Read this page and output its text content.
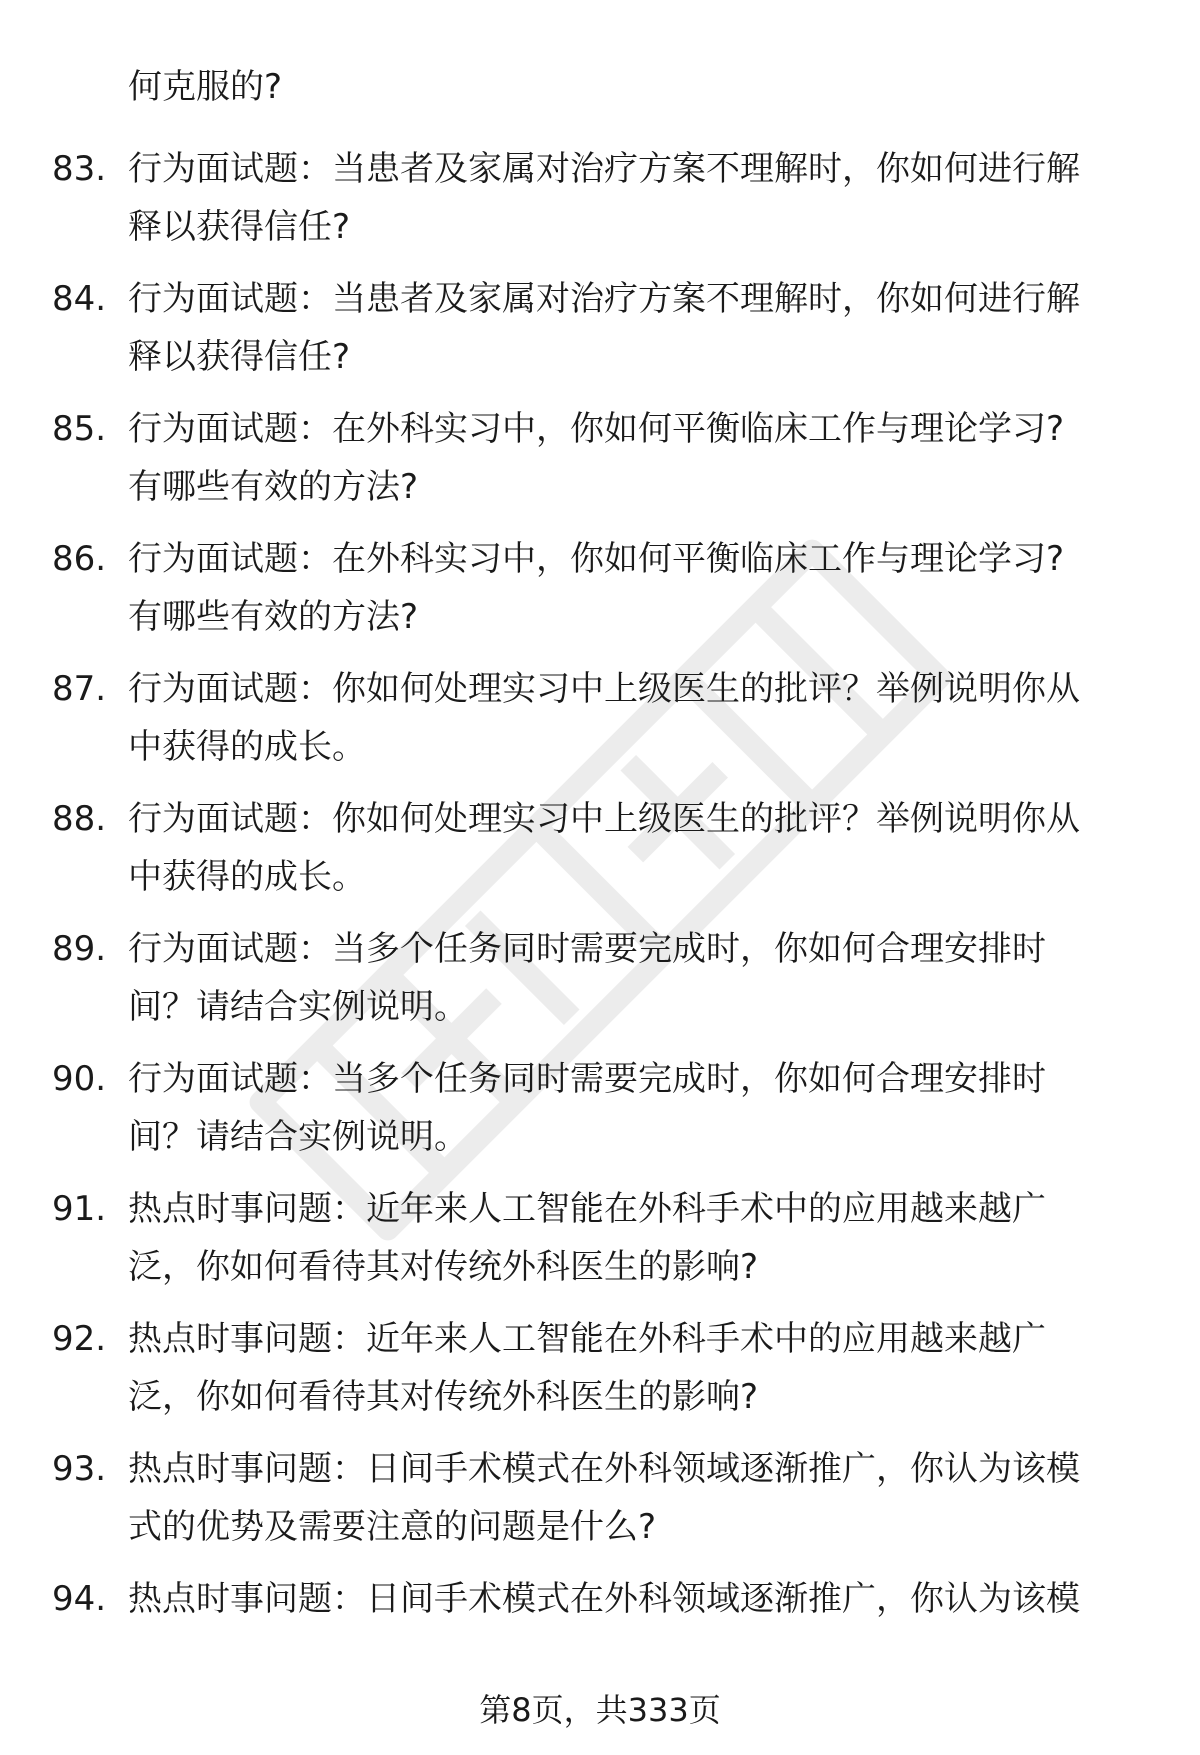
何克服的?
83. 行为面试题：当患者及家属对治疗方案不理解时，你如何进行解
释以获得信任?
84. 行为面试题：当患者及家属对治疗方案不理解时，你如何进行解
释以获得信任?
85. 行为面试题：在外科实习中，你如何平衡临床工作与理论学习?
有哪些有效的方法?
86. 行为面试题：在外科实习中，你如何平衡临床工作与理论学习?
有哪些有效的方法?
87. 行为面试题：你如何处理实习中上级医生的批评？举例说明你从
中获得的成长。
88. 行为面试题：你如何处理实习中上级医生的批评？举例说明你从
中获得的成长。
89. 行为面试题：当多个任务同时需要完成时，你如何合理安排时
间？请结合实例说明。
90. 行为面试题：当多个任务同时需要完成时，你如何合理安排时
间？请结合实例说明。
91. 热点时事问题：近年来人工智能在外科手术中的应用越来越广
泛，你如何看待其对传统外科医生的影响?
92. 热点时事问题：近年来人工智能在外科手术中的应用越来越广
泛，你如何看待其对传统外科医生的影响?
93. 热点时事问题：日间手术模式在外科领域逐渐推广，你认为该模
式的优势及需要注意的问题是什么?
94. 热点时事问题：日间手术模式在外科领域逐渐推广，你认为该模
第8页，共333页
